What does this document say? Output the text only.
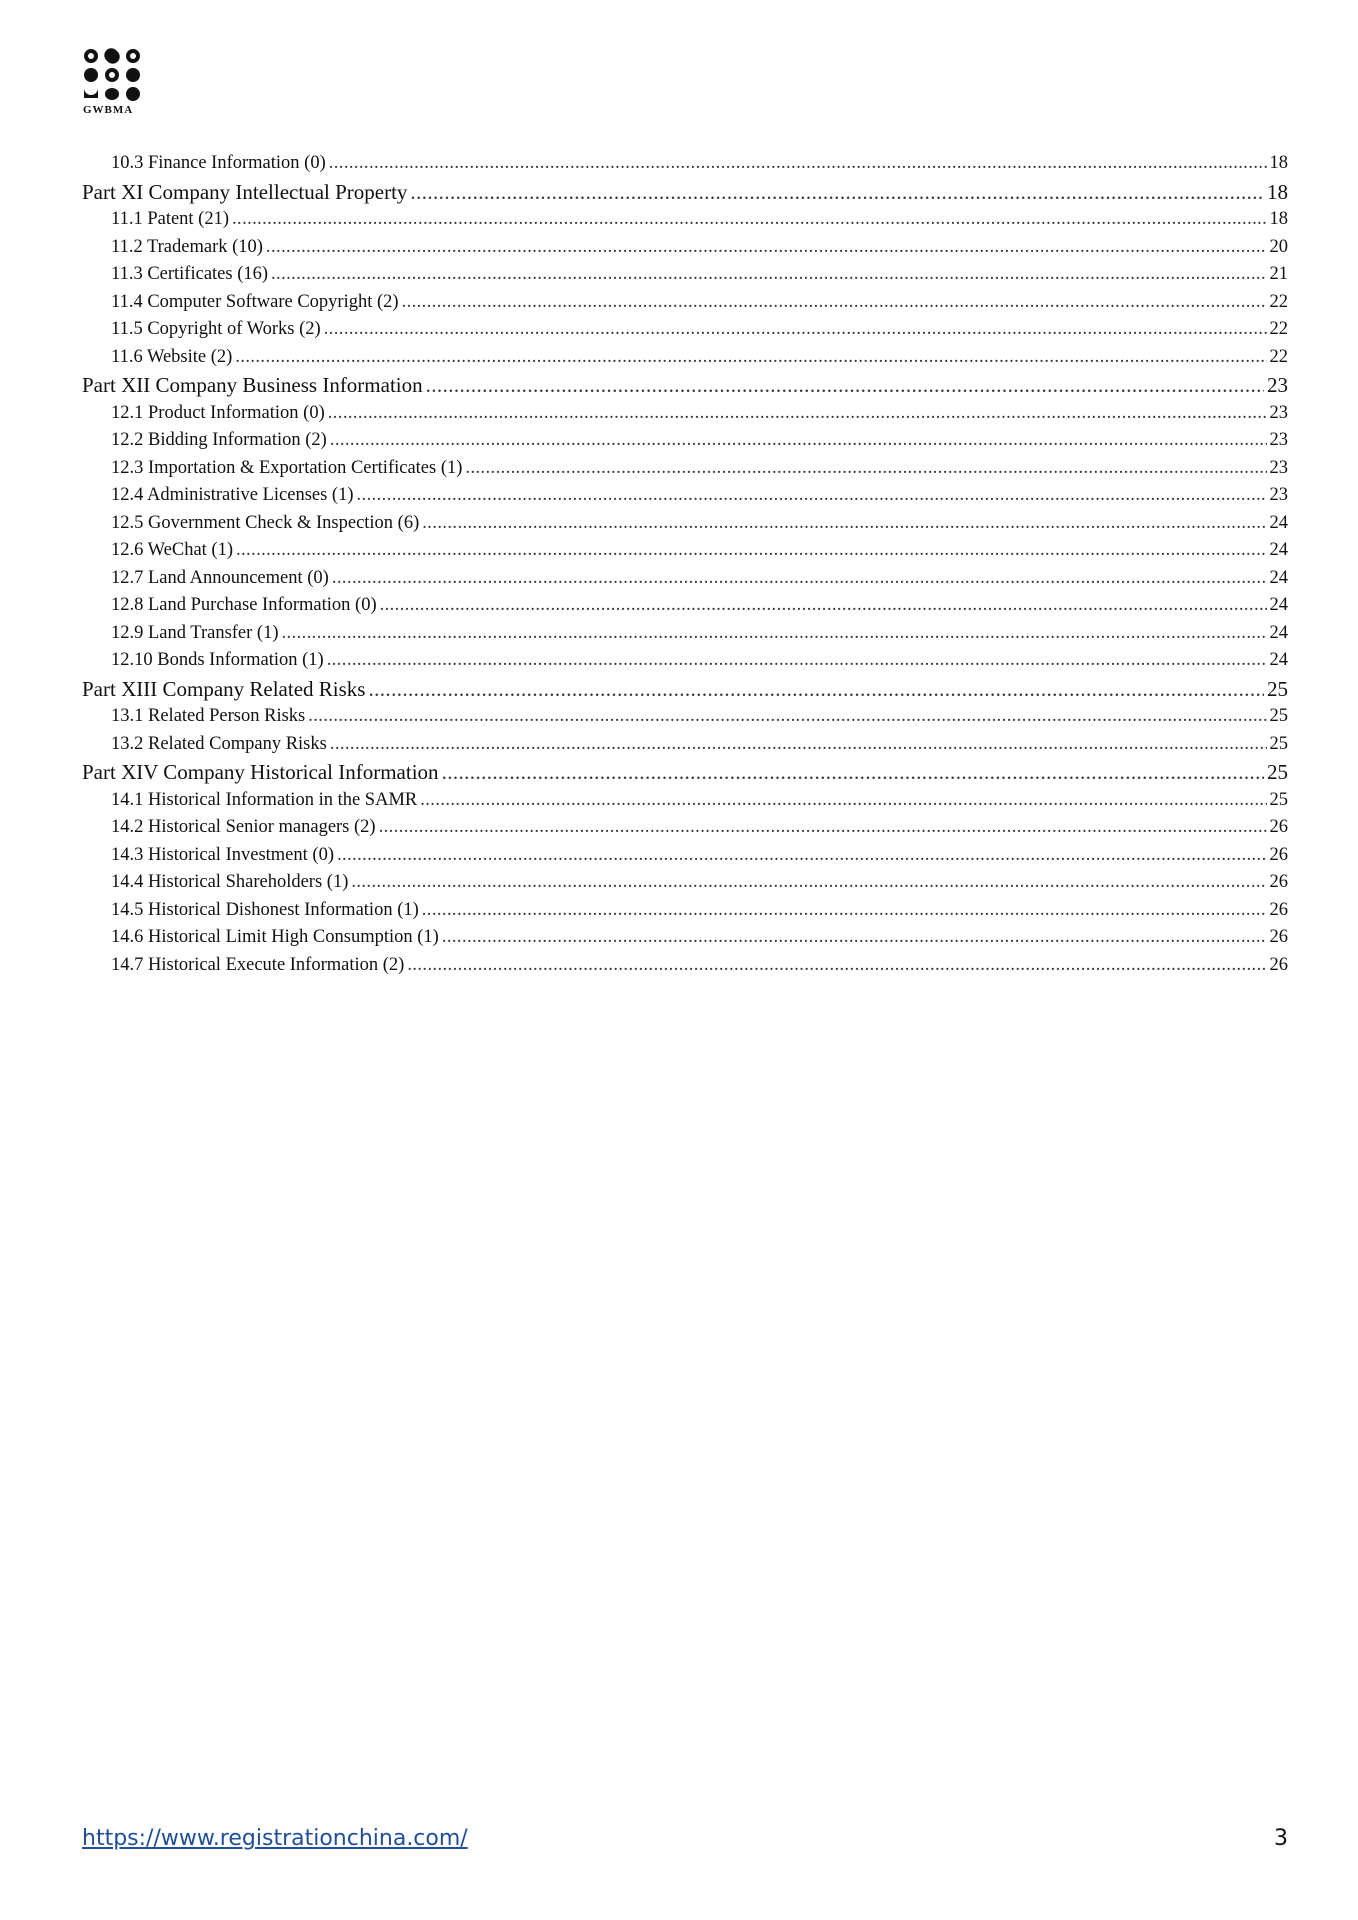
GWBMA
10.3 Finance Information (0) .....	18
Part XI Company Intellectual Property .....	18
11.1 Patent (21) .....	18
11.2 Trademark (10) .....	20
11.3 Certificates (16) .....	21
11.4 Computer Software Copyright (2) .....	22
11.5 Copyright of Works (2) .....	22
11.6 Website (2) .....	22
Part XII Company Business Information .....	23
12.1 Product Information (0) .....	23
12.2 Bidding Information (2) .....	23
12.3 Importation & Exportation Certificates (1) .....	23
12.4 Administrative Licenses (1) .....	23
12.5 Government Check & Inspection (6) .....	24
12.6 WeChat (1) .....	24
12.7 Land Announcement (0) .....	24
12.8 Land Purchase Information (0) .....	24
12.9 Land Transfer (1) .....	24
12.10 Bonds Information (1) .....	24
Part XIII Company Related Risks .....	25
13.1 Related Person Risks .....	25
13.2 Related Company Risks .....	25
Part XIV Company Historical Information .....	25
14.1 Historical Information in the SAMR .....	25
14.2 Historical Senior managers (2) .....	26
14.3 Historical Investment (0) .....	26
14.4 Historical Shareholders (1) .....	26
14.5 Historical Dishonest Information (1) .....	26
14.6 Historical Limit High Consumption (1) .....	26
14.7 Historical Execute Information (2) .....	26
https://www.registrationchina.com/	3
